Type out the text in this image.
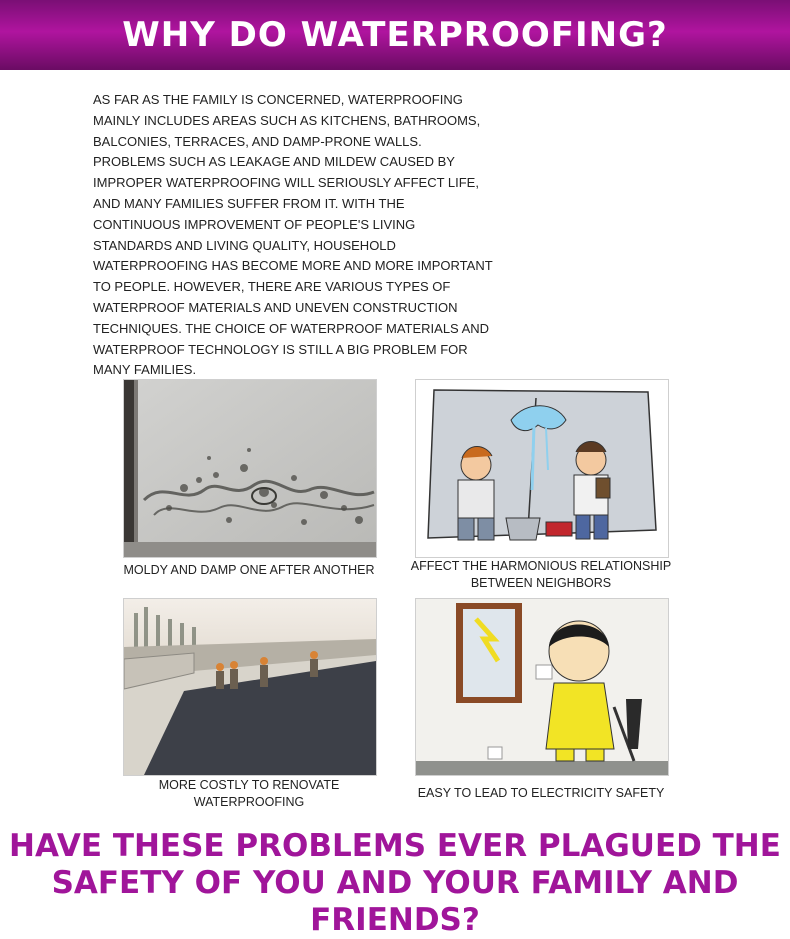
WHY DO WATERPROOFING?
AS FAR AS THE FAMILY IS CONCERNED, WATERPROOFING MAINLY INCLUDES AREAS SUCH AS KITCHENS, BATHROOMS, BALCONIES, TERRACES, AND DAMP-PRONE WALLS. PROBLEMS SUCH AS LEAKAGE AND MILDEW CAUSED BY IMPROPER WATERPROOFING WILL SERIOUSLY AFFECT LIFE, AND MANY FAMILIES SUFFER FROM IT. WITH THE CONTINUOUS IMPROVEMENT OF PEOPLE'S LIVING STANDARDS AND LIVING QUALITY, HOUSEHOLD WATERPROOFING HAS BECOME MORE AND MORE IMPORTANT TO PEOPLE. HOWEVER, THERE ARE VARIOUS TYPES OF WATERPROOF MATERIALS AND UNEVEN CONSTRUCTION TECHNIQUES. THE CHOICE OF WATERPROOF MATERIALS AND WATERPROOF TECHNOLOGY IS STILL A BIG PROBLEM FOR MANY FAMILIES.
MOLDY AND DAMP ONE AFTER ANOTHER	AFFECT THE HARMONIOUS RELATIONSHIP BETWEEN NEIGHBORS
MORE COSTLY TO RENOVATE WATERPROOFING
EASY TO LEAD TO ELECTRICITY SAFETY
HAVE THESE PROBLEMS EVER PLAGUED THE
SAFETY OF YOU AND YOUR FAMILY AND FRIENDS?
